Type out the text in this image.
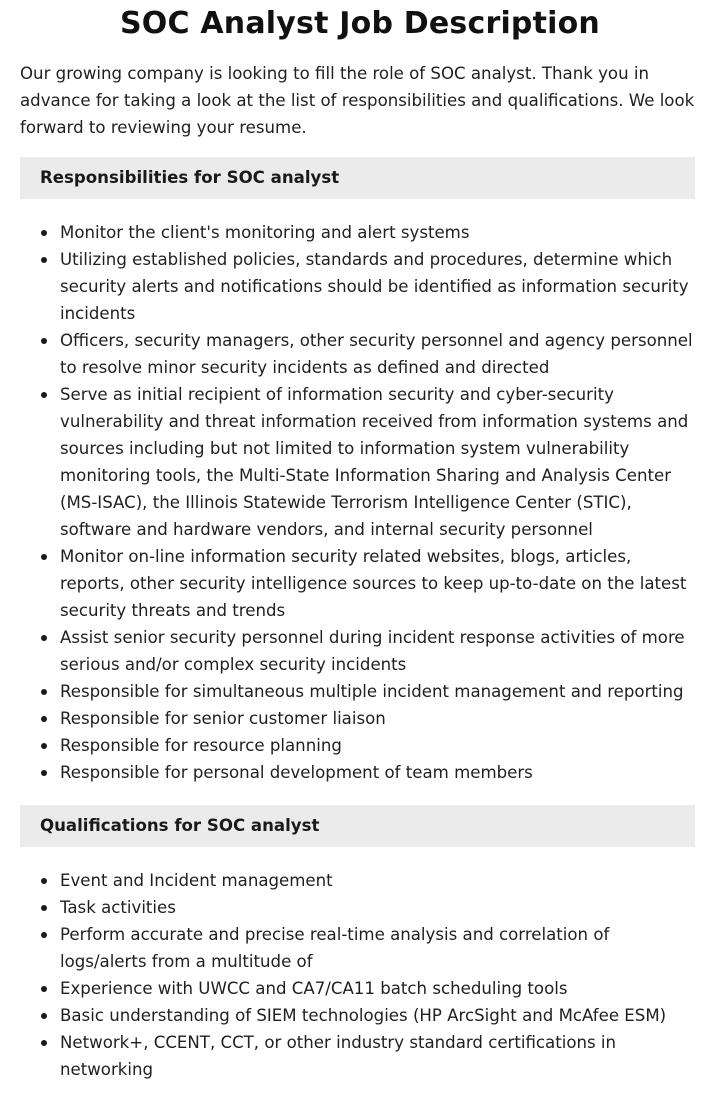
SOC Analyst Job Description

Our growing company is looking to fill the role of SOC analyst. Thank you in advance for taking a look at the list of responsibilities and qualifications. We look forward to reviewing your resume.

Responsibilities for SOC analyst
Monitor the client's monitoring and alert systems
Utilizing established policies, standards and procedures, determine which security alerts and notifications should be identified as information security incidents
Officers, security managers, other security personnel and agency personnel to resolve minor security incidents as defined and directed
Serve as initial recipient of information security and cyber-security vulnerability and threat information received from information systems and sources including but not limited to information system vulnerability monitoring tools, the Multi-State Information Sharing and Analysis Center (MS-ISAC), the Illinois Statewide Terrorism Intelligence Center (STIC), software and hardware vendors, and internal security personnel
Monitor on-line information security related websites, blogs, articles, reports, other security intelligence sources to keep up-to-date on the latest security threats and trends
Assist senior security personnel during incident response activities of more serious and/or complex security incidents
Responsible for simultaneous multiple incident management and reporting
Responsible for senior customer liaison
Responsible for resource planning
Responsible for personal development of team members
Qualifications for SOC analyst
Event and Incident management
Task activities
Perform accurate and precise real-time analysis and correlation of logs/alerts from a multitude of
Experience with UWCC and CA7/CA11 batch scheduling tools
Basic understanding of SIEM technologies (HP ArcSight and McAfee ESM)
Network+, CCENT, CCT, or other industry standard certifications in networking
